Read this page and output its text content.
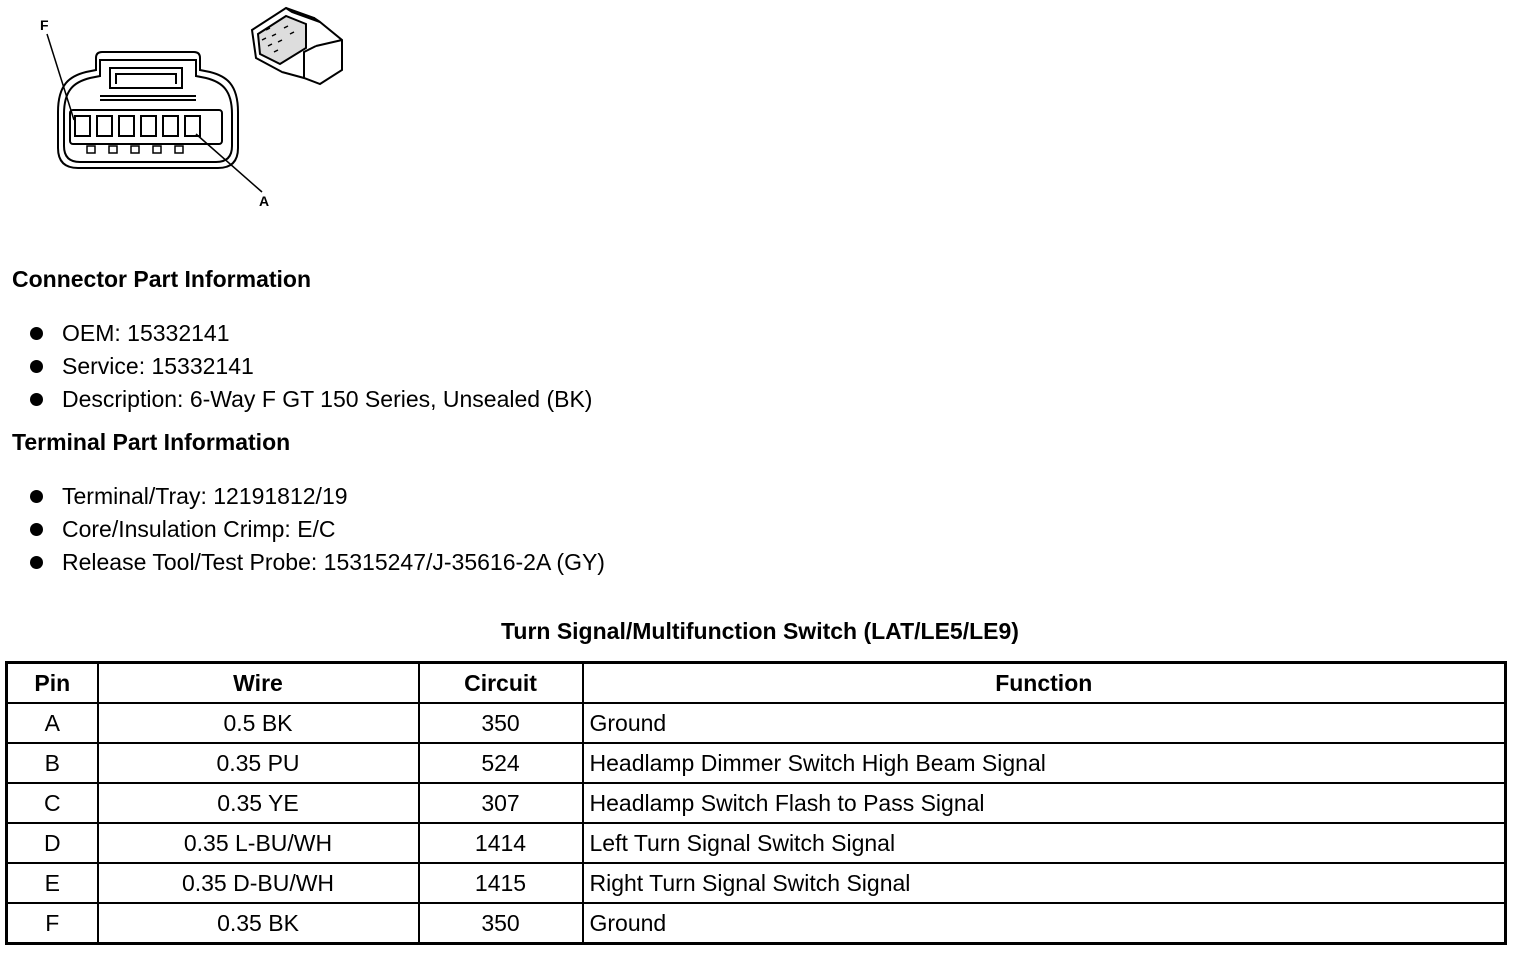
F
A
Connector Part Information
OEM: 15332141
Service: 15332141
Description: 6-Way F GT 150 Series, Unsealed (BK)
Terminal Part Information
Terminal/Tray: 12191812/19
Core/Insulation Crimp: E/C
Release Tool/Test Probe: 15315247/J-35616-2A (GY)
Turn Signal/Multifunction Switch (LAT/LE5/LE9)
Pin	Wire	Circuit	Function
A	0.5 BK	350	Ground
B	0.35 PU	524	Headlamp Dimmer Switch High Beam Signal
C	0.35 YE	307	Headlamp Switch Flash to Pass Signal
D	0.35 L-BU/WH	1414	Left Turn Signal Switch Signal
E	0.35 D-BU/WH	1415	Right Turn Signal Switch Signal
F	0.35 BK	350	Ground
